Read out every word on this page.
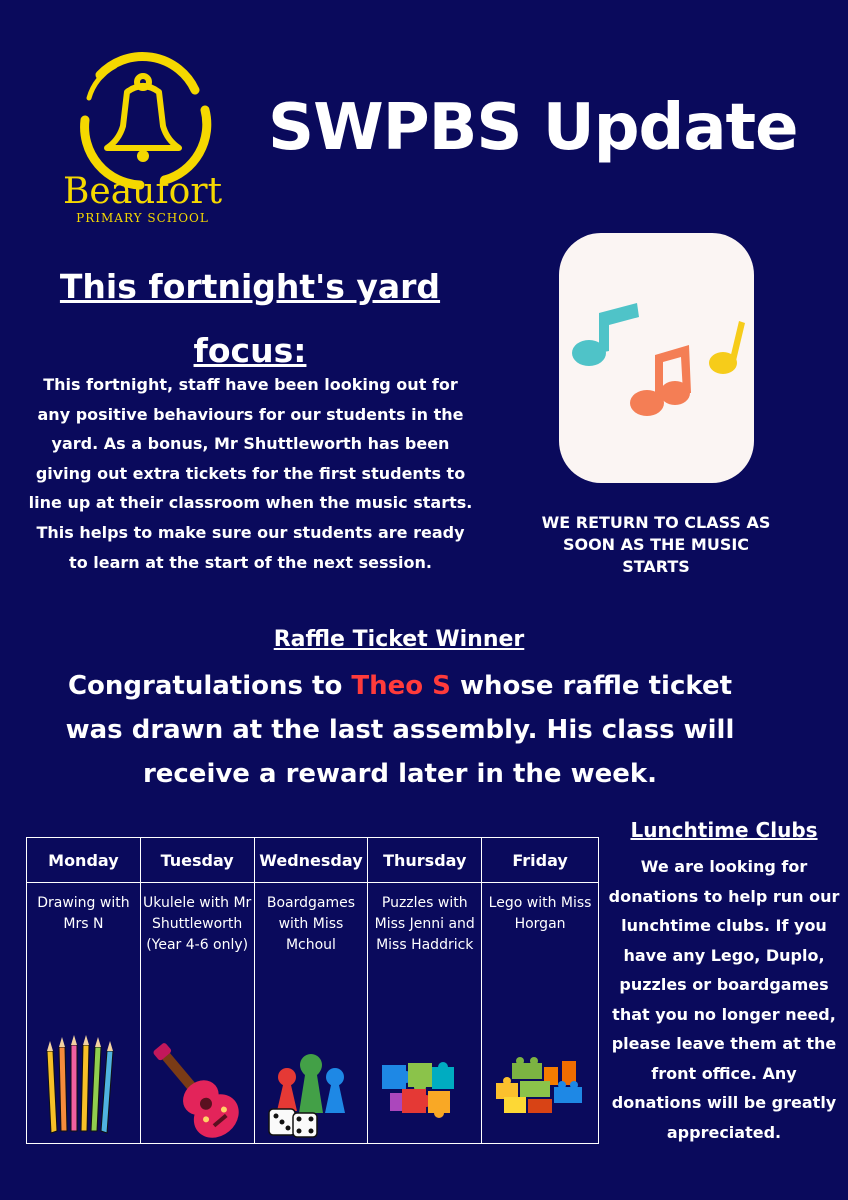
Beaufort
PRIMARY SCHOOL
SWPBS Update
This fortnight's yard focus:
This fortnight, staff have been looking out for any positive behaviours for our students in the yard. As a bonus, Mr Shuttleworth has been giving out extra tickets for the first students to line up at their classroom when the music starts. This helps to make sure our students are ready to learn at the start of the next session.
WE RETURN TO CLASS AS SOON AS THE MUSIC STARTS
Raffle Ticket Winner
Congratulations to Theo S whose raffle ticket was drawn at the last assembly. His class will receive a reward later in the week.
Monday	Tuesday	Wednesday	Thursday	Friday

Drawing with Mrs N	Ukulele with Mr Shuttleworth (Year 4-6 only)	Boardgames with Miss Mchoul	Puzzles with Miss Jenni and Miss Haddrick	Lego with Miss Horgan
Lunchtime Clubs
We are looking for donations to help run our lunchtime clubs. If you have any Lego, Duplo, puzzles or boardgames that you no longer need, please leave them at the front office. Any donations will be greatly appreciated.
